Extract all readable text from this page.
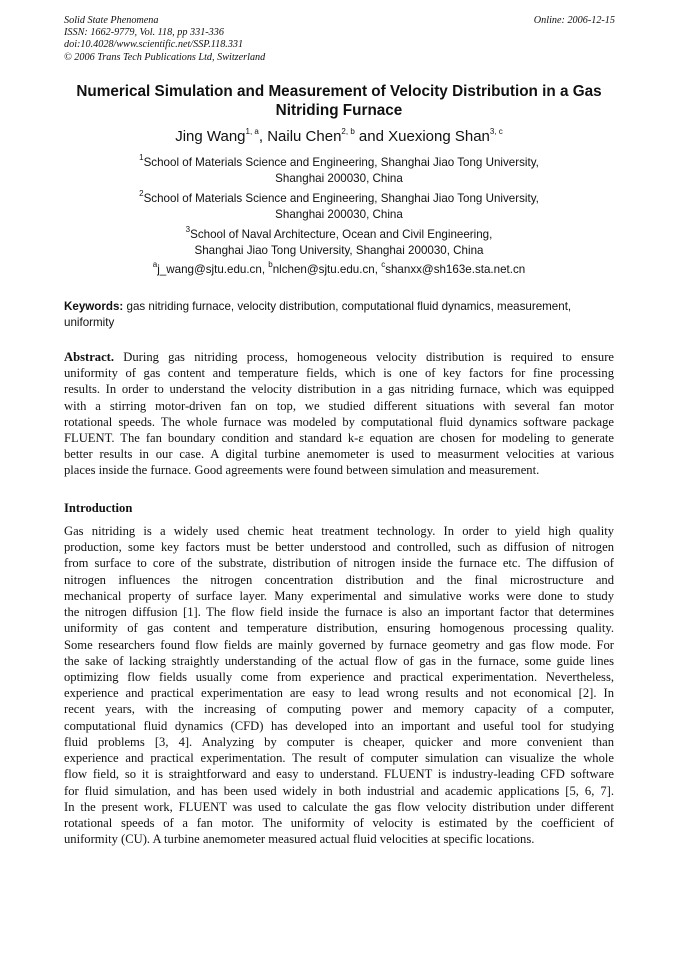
Solid State Phenomena
ISSN: 1662-9779, Vol. 118, pp 331-336
doi:10.4028/www.scientific.net/SSP.118.331
© 2006 Trans Tech Publications Ltd, Switzerland
Online: 2006-12-15
Numerical Simulation and Measurement of Velocity Distribution in a Gas
Nitriding Furnace
Jing Wang$^{1, a}$, Nailu Chen$^{2, b}$ and Xuexiong Shan$^{3, c}$
$^1$School of Materials Science and Engineering, Shanghai Jiao Tong University,
Shanghai 200030, China
$^2$School of Materials Science and Engineering, Shanghai Jiao Tong University,
Shanghai 200030, China
$^3$School of Naval Architecture, Ocean and Civil Engineering,
Shanghai Jiao Tong University, Shanghai 200030, China
$^a$j_wang@sjtu.edu.cn, $^b$nlchen@sjtu.edu.cn, $^c$shanxx@sh163e.sta.net.cn
Keywords: gas nitriding furnace, velocity distribution, computational fluid dynamics, measurement,
uniformity
Abstract. During gas nitriding process, homogeneous velocity distribution is required to ensure
uniformity of gas content and temperature fields, which is one of key factors for fine processing
results. In order to understand the velocity distribution in a gas nitriding furnace, which was equipped
with a stirring motor-driven fan on top, we studied different situations with several fan motor
rotational speeds. The whole furnace was modeled by computational fluid dynamics software package
FLUENT. The fan boundary condition and standard k-ε equation are chosen for modeling to generate
better results in our case. A digital turbine anemometer is used to measurment velocities at various
places inside the furnace. Good agreements were found between simulation and measurement.
Introduction
Gas nitriding is a widely used chemic heat treatment technology. In order to yield high quality
production, some key factors must be better understood and controlled, such as diffusion of nitrogen
from surface to core of the substrate, distribution of nitrogen inside the furnace etc. The diffusion of
nitrogen influences the nitrogen concentration distribution and the final microstructure and
mechanical property of surface layer. Many experimental and simulative works were done to study
the nitrogen diffusion [1]. The flow field inside the furnace is also an important factor that determines
uniformity of gas content and temperature distribution, ensuring homogenous processing quality.
Some researchers found flow fields are mainly governed by furnace geometry and gas flow mode. For
the sake of lacking straightly understanding of the actual flow of gas in the furnace, some guide lines
optimizing flow fields usually come from experience and practical experimentation. Nevertheless,
experience and practical experimentation are easy to lead wrong results and not economical [2]. In
recent years, with the increasing of computing power and memory capacity of a computer,
computational fluid dynamics (CFD) has developed into an important and useful tool for studying
fluid problems [3, 4]. Analyzing by computer is cheaper, quicker and more convenient than
experience and practical experimentation. The result of computer simulation can visualize the whole
flow field, so it is straightforward and easy to understand. FLUENT is industry-leading CFD software
for fluid simulation, and has been used widely in both industrial and academic applications [5, 6, 7].
In the present work, FLUENT was used to calculate the gas flow velocity distribution under different
rotational speeds of a fan motor. The uniformity of velocity is estimated by the coefficient of
uniformity (CU). A turbine anemometer measured actual fluid velocities at specific locations.
